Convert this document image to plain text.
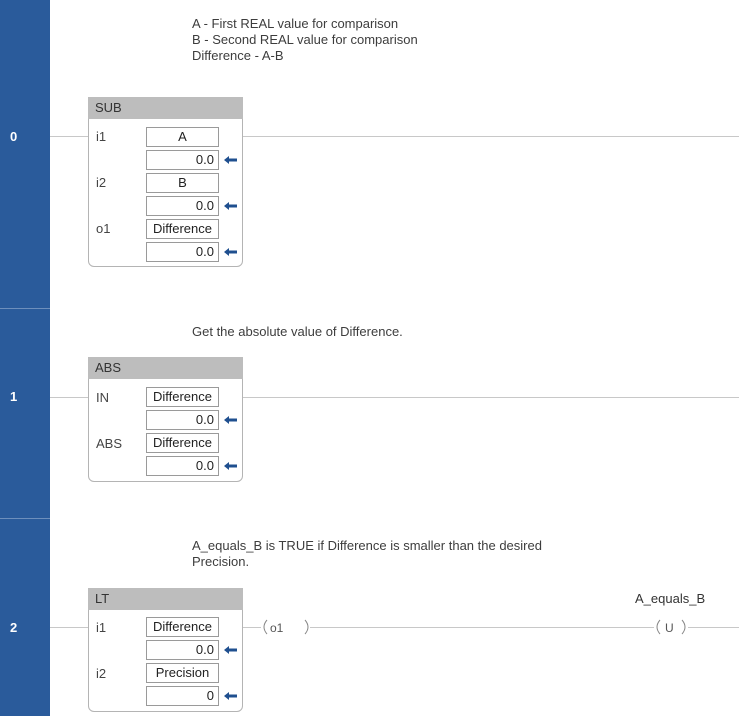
0
A - First REAL value for comparison
B - Second REAL value for comparison
Difference - A-B
SUB
i1	A
0.0
i2	B
0.0
o1	Difference
0.0
1
Get the absolute value of Difference.
ABS
IN	Difference
0.0
ABS	Difference
0.0
2
A_equals_B is TRUE if Difference is smaller than the desired
Precision.
LT
i1	Difference
0.0
i2	Precision
0
o1
A_equals_B
U
